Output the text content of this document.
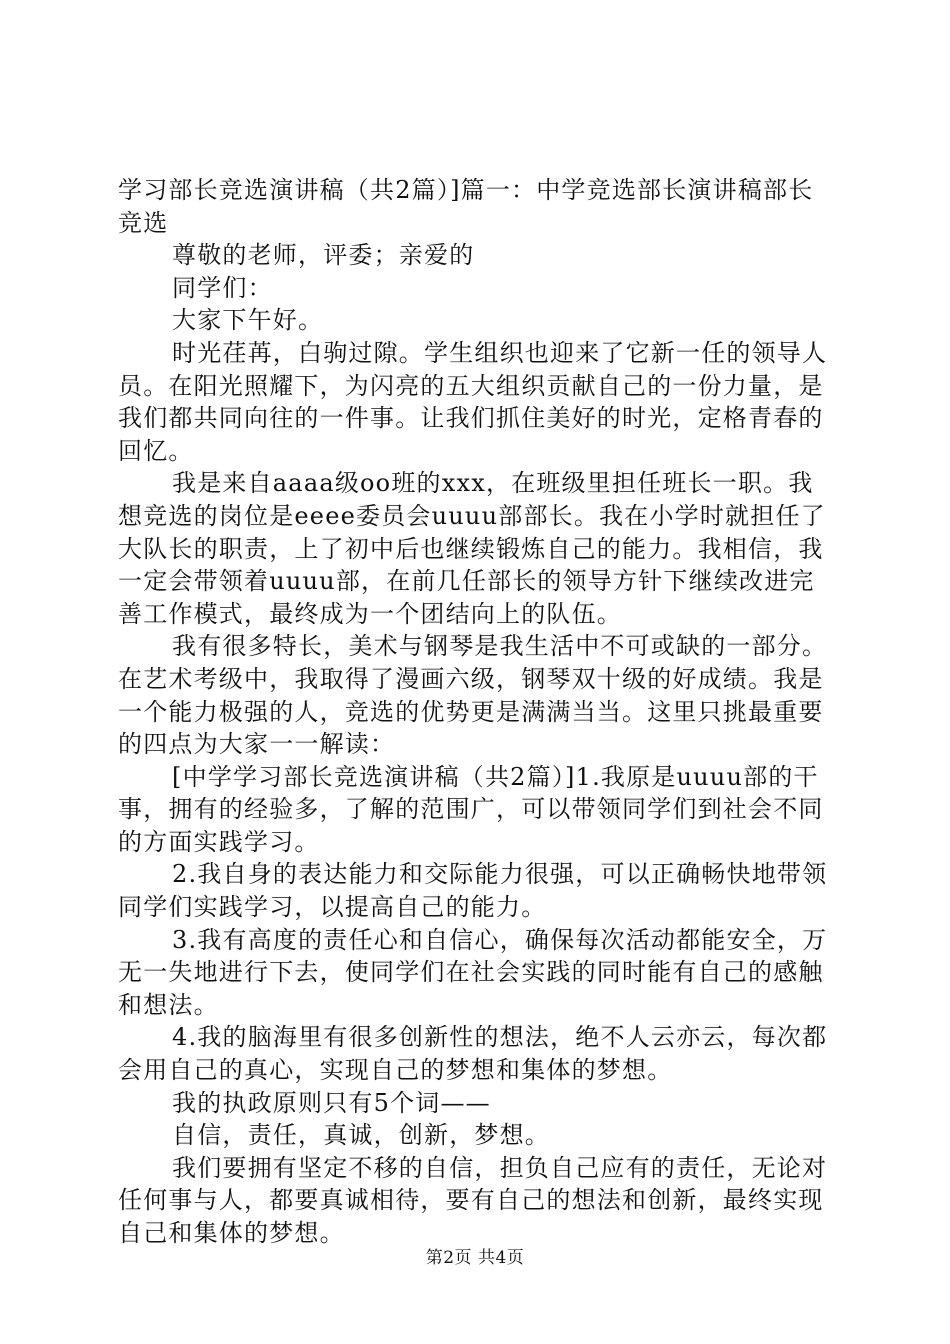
学习部长竞选演讲稿（共2篇）]篇一：中学竞选部长演讲稿部长竞选

尊敬的老师，评委；亲爱的

同学们：

大家下午好。

时光荏苒，白驹过隙。学生组织也迎来了它新一任的领导人员。在阳光照耀下，为闪亮的五大组织贡献自己的一份力量，是我们都共同向往的一件事。让我们抓住美好的时光，定格青春的回忆。

我是来自aaaa级oo班的xxx，在班级里担任班长一职。我想竞选的岗位是eeee委员会uuuu部部长。我在小学时就担任了大队长的职责，上了初中后也继续锻炼自己的能力。我相信，我一定会带领着uuuu部，在前几任部长的领导方针下继续改进完善工作模式，最终成为一个团结向上的队伍。

我有很多特长，美术与钢琴是我生活中不可或缺的一部分。在艺术考级中，我取得了漫画六级，钢琴双十级的好成绩。我是一个能力极强的人，竞选的优势更是满满当当。这里只挑最重要的四点为大家一一解读：

[中学学习部长竞选演讲稿（共2篇）]1.我原是uuuu部的干事，拥有的经验多，了解的范围广，可以带领同学们到社会不同的方面实践学习。

2.我自身的表达能力和交际能力很强，可以正确畅快地带领同学们实践学习，以提高自己的能力。

3.我有高度的责任心和自信心，确保每次活动都能安全，万无一失地进行下去，使同学们在社会实践的同时能有自己的感触和想法。

4.我的脑海里有很多创新性的想法，绝不人云亦云，每次都会用自己的真心，实现自己的梦想和集体的梦想。

我的执政原则只有5个词——

自信，责任，真诚，创新，梦想。

我们要拥有坚定不移的自信，担负自己应有的责任，无论对任何事与人，都要真诚相待，要有自己的想法和创新，最终实现自己和集体的梦想。

第2页 共4页
